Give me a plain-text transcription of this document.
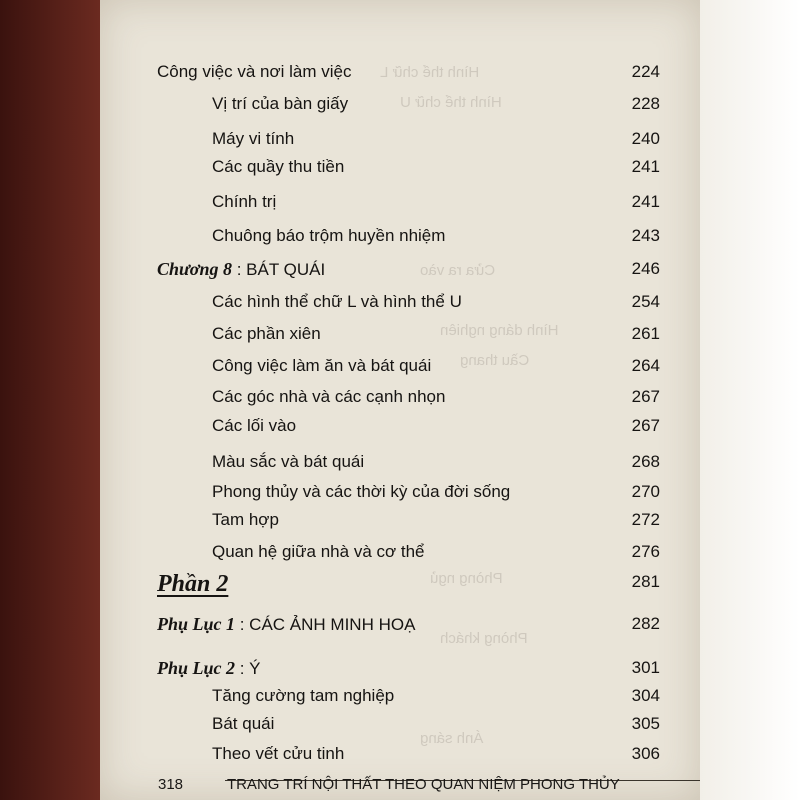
Hình thể chữ L
Hình thể chữ U
Cửa ra vào
Hình dáng nghiên
Cầu thang
Phòng ngủ
Phòng khách
Ánh sáng
Công việc và nơi làm việc	224
Vị trí của bàn giấy	228
Máy vi tính	240
Các quầy thu tiền	241
Chính trị	241
Chuông báo trộm huyền nhiệm	243
Chương 8 : BÁT QUÁI	246
Các hình thể chữ L và hình thể U	254
Các phần xiên	261
Công việc làm ăn và bát quái	264
Các góc nhà và các cạnh nhọn	267
Các lối vào	267
Màu sắc và bát quái	268
Phong thủy và các thời kỳ của đời sống	270
Tam hợp	272
Quan hệ giữa nhà và cơ thể	276
Phần 2	281
Phụ Lục 1 : CÁC ẢNH MINH HOẠ	282
Phụ Lục 2 : Ý	301
Tăng cường tam nghiệp	304
Bát quái	305
Theo vết cửu tinh	306
318	TRANG TRÍ NỘI THẤT THEO QUAN NIỆM PHONG THỦY
